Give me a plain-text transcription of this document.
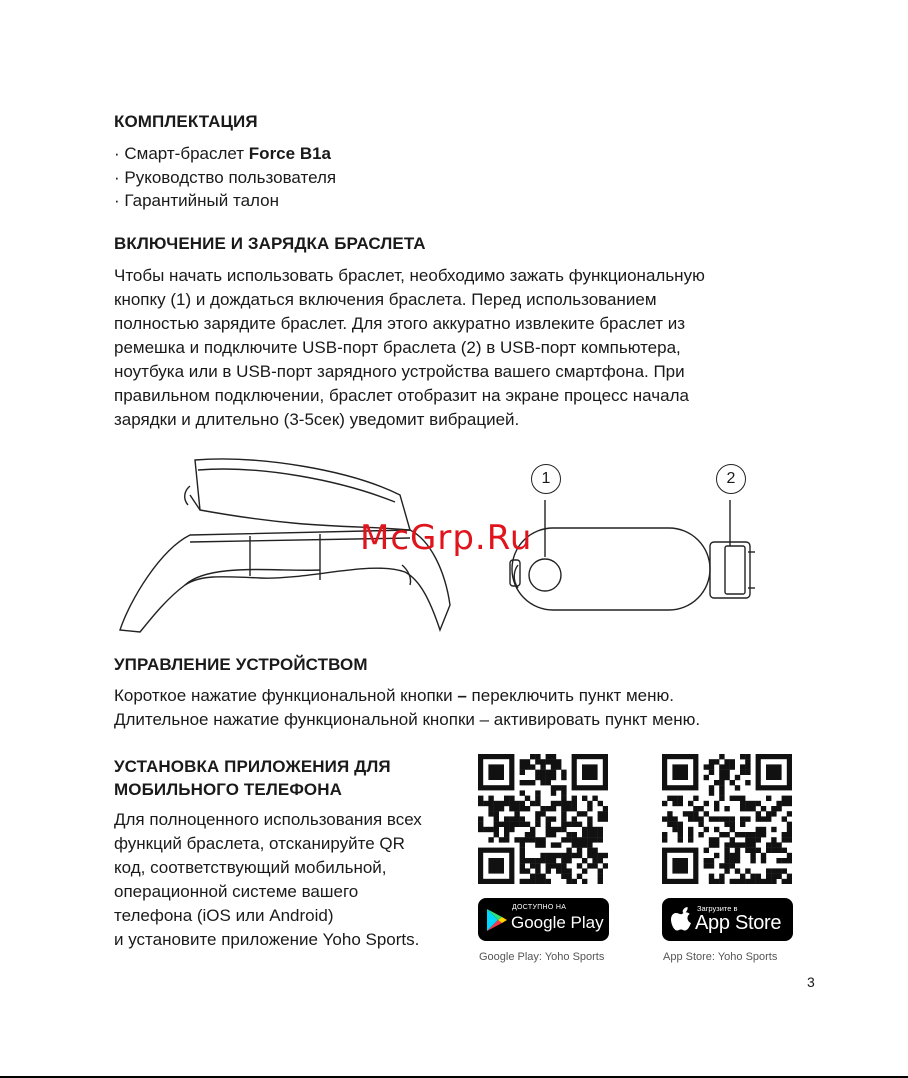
КОМПЛЕКТАЦИЯ
· Смарт-браслет Force B1a
· Руководство пользователя
· Гарантийный талон
ВКЛЮЧЕНИЕ И ЗАРЯДКА БРАСЛЕТА
Чтобы начать использовать браслет, необходимо зажать функциональную
кнопку (1) и дождаться включения браслета. Перед использованием
полностью зарядите браслет. Для этого аккуратно извлеките браслет из
ремешка и подключите USB-порт браслета (2) в USB-порт компьютера,
ноутбука или в USB-порт зарядного устройства вашего смартфона. При
правильном подключении, браслет отобразит на экране процесс начала
зарядки и длительно (3-5сек) уведомит вибрацией.
1	2
McGrp.Ru
УПРАВЛЕНИЕ УСТРОЙСТВОМ
Короткое нажатие функциональной кнопки – переключить пункт меню.
Длительное нажатие функциональной кнопки – активировать пункт меню.
УСТАНОВКА ПРИЛОЖЕНИЯ ДЛЯ
МОБИЛЬНОГО ТЕЛЕФОНА
Для полноценного использования всех
функций браслета, отсканируйте QR
код, соответствующий мобильной,
операционной системе вашего
телефона (iOS или Android)
и установите приложение Yoho Sports.
ДОСТУПНО НА
Google Play
Загрузите в
App Store
Google Play: Yoho Sports	App Store: Yoho Sports
3
